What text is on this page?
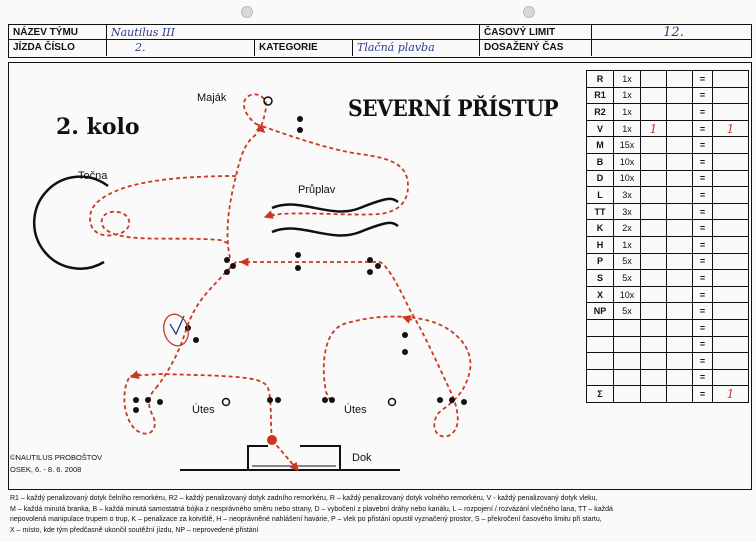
NÁZEV TÝMU	Nautilus III	ČASOVÝ LIMIT	12.
JÍZDA ČÍSLO	2.	KATEGORIE	Tlačná plavba	DOSAŽENÝ ČAS
SEVERNÍ PŘÍSTUP
2. kolo
Maják
Točna
Průplav
Útes	Útes
Dok
©NAUTILUS PROBOŠTOV
OSEK, 6. - 8. 6. 2008
R	1x			=	
R1	1x			=	
R2	1x			=	
V	1x	1		=	1
M	15x			=	
B	10x			=	
D	10x			=	
L	3x			=	
TT	3x			=	
K	2x			=	
H	1x			=	
P	5x			=	
S	5x			=	
X	10x			=	
NP	5x			=	
				=	
				=	
				=	
				=	
Σ				=	1
R1 – každý penalizovaný dotyk čelního remorkéru, R2 – každý penalizovaný dotyk zadního remorkéru, R – každý penalizovaný dotyk volného remorkéru, V - každý penalizovaný dotyk vleku,
M – každá minutá branka, B – každá minutá samostatná bójka z nesprávného směru nebo strany, D – vybočení z plavební dráhy nebo kanálu, L – rozpojení / rozvázání vlečného lana, TT – každá
nepovolená manipulace trupem o trup, K – penalizace za kotviště, H – neoprávněné nahlášení havárie, P – vlek po přistání opustil vyznačený prostor, S – překročení časového limitu při startu,
X – místo, kde tým předčasně ukončil soutěžní jízdu, NP – neprovedené přistání
